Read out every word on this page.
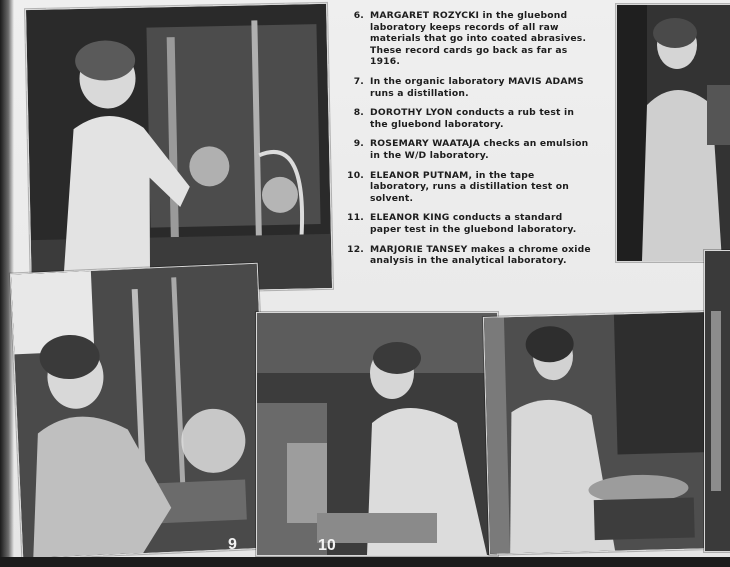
6. MARGARET ROZYCKI in the gluebond laboratory keeps records of all raw materials that go into coated abrasives. These record cards go back as far as 1916.
7. In the organic laboratory MAVIS ADAMS runs a distillation.
8. DOROTHY LYON conducts a rub test in the gluebond laboratory.
9. ROSEMARY WAATAJA checks an emulsion in the W/D laboratory.
10. ELEANOR PUTNAM, in the tape laboratory, runs a distillation test on solvent.
11. ELEANOR KING conducts a standard paper test in the gluebond laboratory.
12. MARJORIE TANSEY makes a chrome oxide analysis in the analytical laboratory.
9	10
